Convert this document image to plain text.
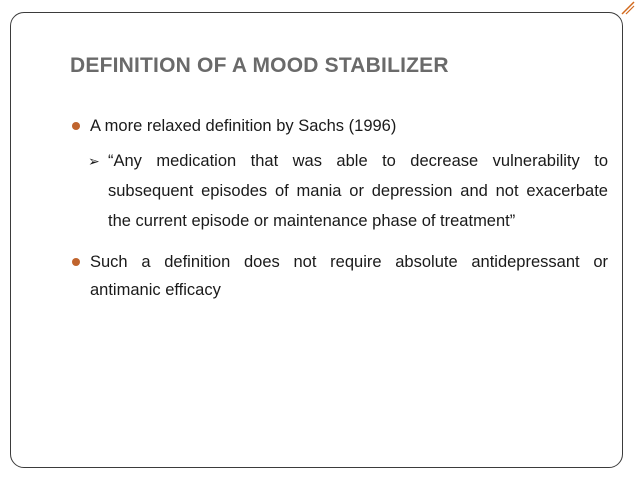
DEFINITION OF A MOOD STABILIZER
A more relaxed definition by Sachs (1996)
➢ “Any medication that was able to decrease vulnerability to subsequent episodes of mania or depression and not exacerbate the current episode or maintenance phase of treatment”
Such a definition does not require absolute antidepressant or antimanic efficacy
